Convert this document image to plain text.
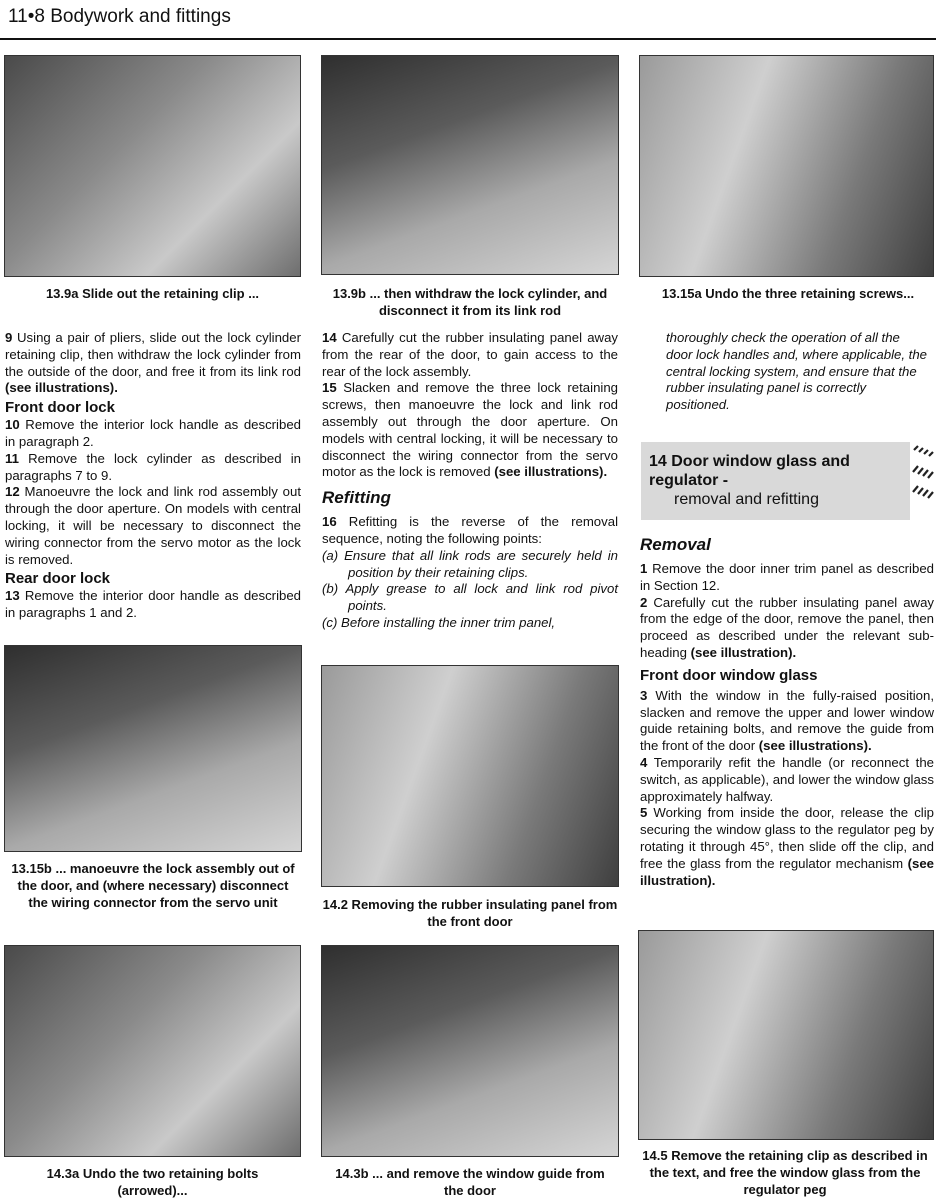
11•8 Bodywork and fittings
13.9a Slide out the retaining clip ...	13.9b ... then withdraw the lock cylinder, and disconnect it from its link rod
13.15a Undo the three retaining screws...

9 Using a pair of pliers, slide out the lock cylinder retaining clip, then withdraw the lock cylinder from the outside of the door, and free it from its link rod (see illustrations).

Front door lock

10 Remove the interior lock handle as described in paragraph 2.

11 Remove the lock cylinder as described in paragraphs 7 to 9.

12 Manoeuvre the lock and link rod assembly out through the door aperture. On models with central locking, it will be necessary to disconnect the wiring connector from the servo motor as the lock is removed.

Rear door lock

13 Remove the interior door handle as described in paragraphs 1 and 2.

14 Carefully cut the rubber insulating panel away from the rear of the door, to gain access to the rear of the lock assembly.

15 Slacken and remove the three lock retaining screws, then manoeuvre the lock and link rod assembly out through the door aperture. On models with central locking, it will be necessary to disconnect the wiring connector from the servo motor as the lock is removed (see illustrations).

Refitting

16 Refitting is the reverse of the removal sequence, noting the following points:

(a) Ensure that all link rods are securely held in position by their retaining clips.

(b) Apply grease to all lock and link rod pivot points.

(c) Before installing the inner trim panel,

thoroughly check the operation of all the door lock handles and, where applicable, the central locking system, and ensure that the rubber insulating panel is correctly positioned.

14 Door window glass and regulator -
removal and refitting
Removal

1 Remove the door inner trim panel as described in Section 12.

2 Carefully cut the rubber insulating panel away from the edge of the door, remove the panel, then proceed as described under the relevant sub-heading (see illustration).

Front door window glass

3 With the window in the fully-raised position, slacken and remove the upper and lower window guide retaining bolts, and remove the guide from the front of the door (see illustrations).

4 Temporarily refit the handle (or reconnect the switch, as applicable), and lower the window glass approximately halfway.

5 Working from inside the door, release the clip securing the window glass to the regulator peg by rotating it through 45°, then slide off the clip, and free the glass from the regulator mechanism (see illustration).

13.15b ... manoeuvre the lock assembly out of the door, and (where necessary) disconnect the wiring connector from the servo unit	14.2 Removing the rubber insulating panel from the front door
14.3a Undo the two retaining bolts (arrowed)...
14.3b ... and remove the window guide from the door
14.5 Remove the retaining clip as described in the text, and free the window glass from the regulator peg
